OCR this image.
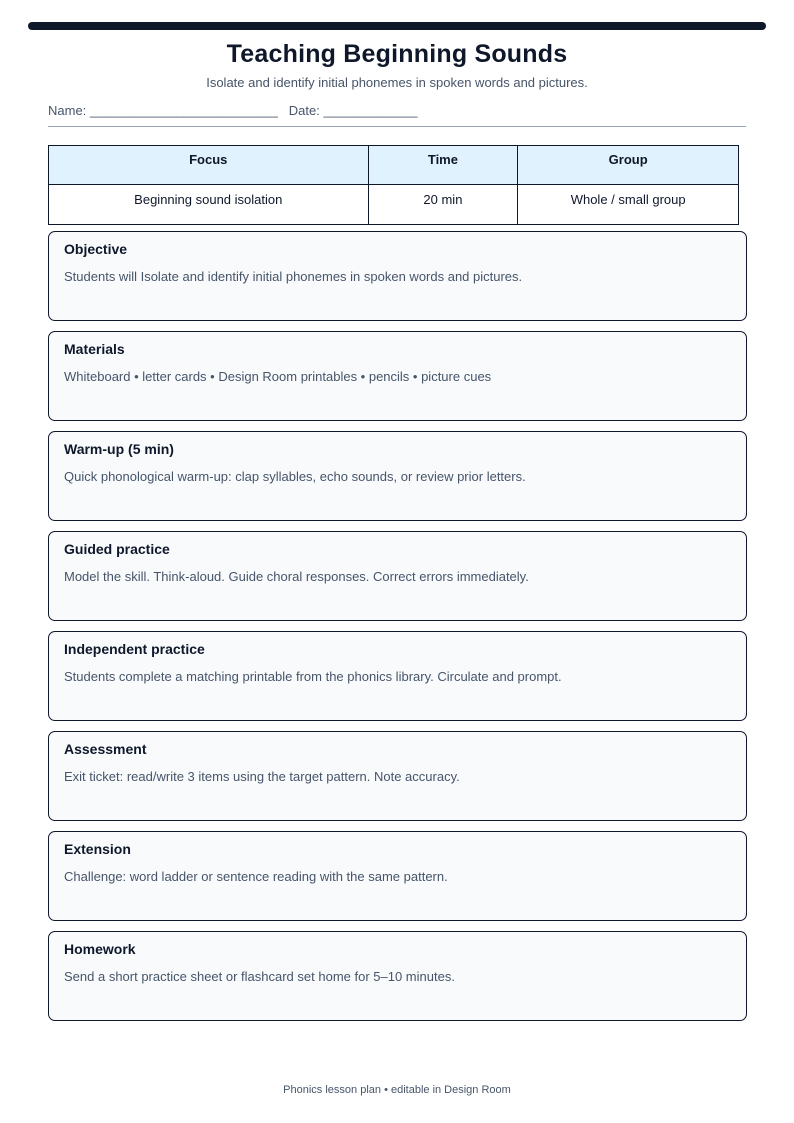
Teaching Beginning Sounds
Isolate and identify initial phonemes in spoken words and pictures.
Name: __________________________ Date: _____________
Focus	Time	Group
Beginning sound isolation	20 min	Whole / small group
Objective
Students will Isolate and identify initial phonemes in spoken words and pictures.
Materials
Whiteboard • letter cards • Design Room printables • pencils • picture cues
Warm-up (5 min)
Quick phonological warm-up: clap syllables, echo sounds, or review prior letters.
Guided practice
Model the skill. Think-aloud. Guide choral responses. Correct errors immediately.
Independent practice
Students complete a matching printable from the phonics library. Circulate and prompt.
Assessment
Exit ticket: read/write 3 items using the target pattern. Note accuracy.
Extension
Challenge: word ladder or sentence reading with the same pattern.
Homework
Send a short practice sheet or flashcard set home for 5–10 minutes.
Phonics lesson plan • editable in Design Room
